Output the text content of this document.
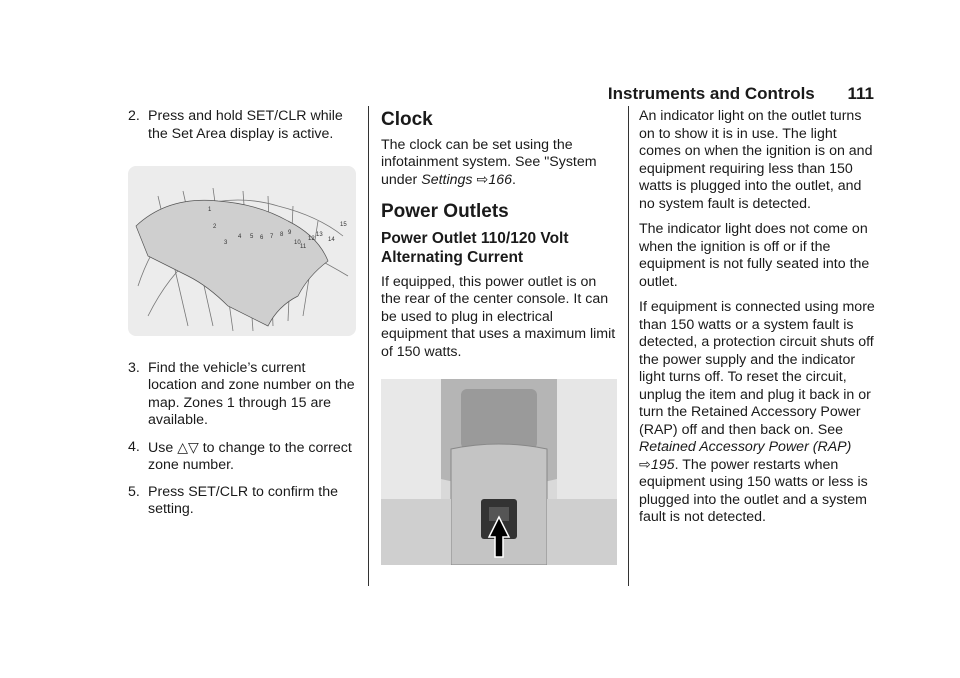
Instruments and Controls 111
2. Press and hold SET/CLR while the Set Area display is active.
1
2
3
4 5 6 7 8 9
10
11
12
13
14
15
3. Find the vehicle’s current location and zone number on the map. Zones 1 through 15 are available.
4. Use △▽ to change to the correct zone number.
5. Press SET/CLR to confirm the setting.
Clock

The clock can be set using the infotainment system. See "System under Settings ⇨166.

Power Outlets
Power Outlet 110/120 Volt Alternating Current

If equipped, this power outlet is on the rear of the center console. It can be used to plug in electrical equipment that uses a maximum limit of 150 watts.

An indicator light on the outlet turns on to show it is in use. The light comes on when the ignition is on and equipment requiring less than 150 watts is plugged into the outlet, and no system fault is detected.

The indicator light does not come on when the ignition is off or if the equipment is not fully seated into the outlet.

If equipment is connected using more than 150 watts or a system fault is detected, a protection circuit shuts off the power supply and the indicator light turns off. To reset the circuit, unplug the item and plug it back in or turn the Retained Accessory Power (RAP) off and then back on. See Retained Accessory Power (RAP) ⇨195. The power restarts when equipment using 150 watts or less is plugged into the outlet and a system fault is not detected.
